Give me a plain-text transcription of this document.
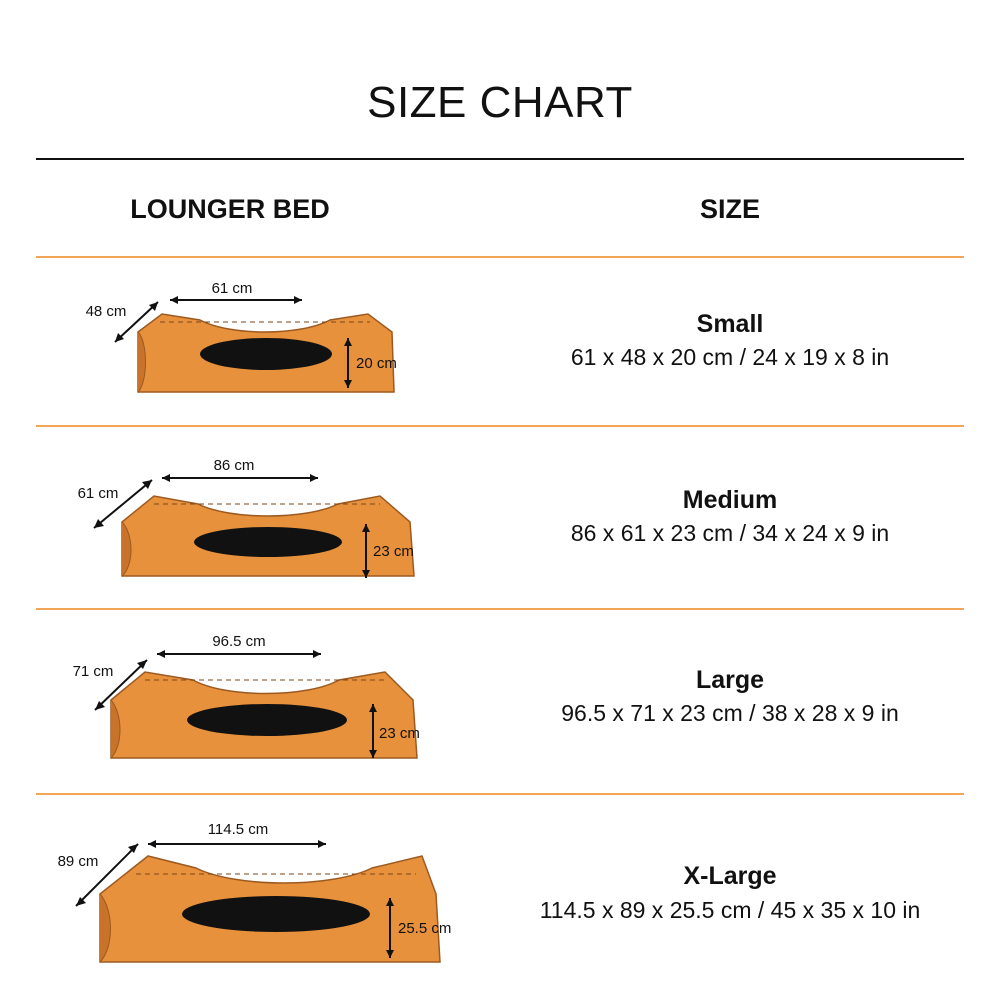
SIZE CHART
LOUNGER BED	SIZE
61 cm
48 cm
20 cm
Small
61 x 48 x 20 cm / 24 x 19 x 8 in
86 cm
61 cm
23 cm
Medium
86 x 61 x 23 cm / 34 x 24 x 9 in
96.5 cm
71 cm
23 cm
Large
96.5 x 71 x 23 cm / 38 x 28 x 9 in
114.5 cm
89 cm
25.5 cm
X-Large
114.5 x 89 x 25.5 cm / 45 x 35 x 10 in
